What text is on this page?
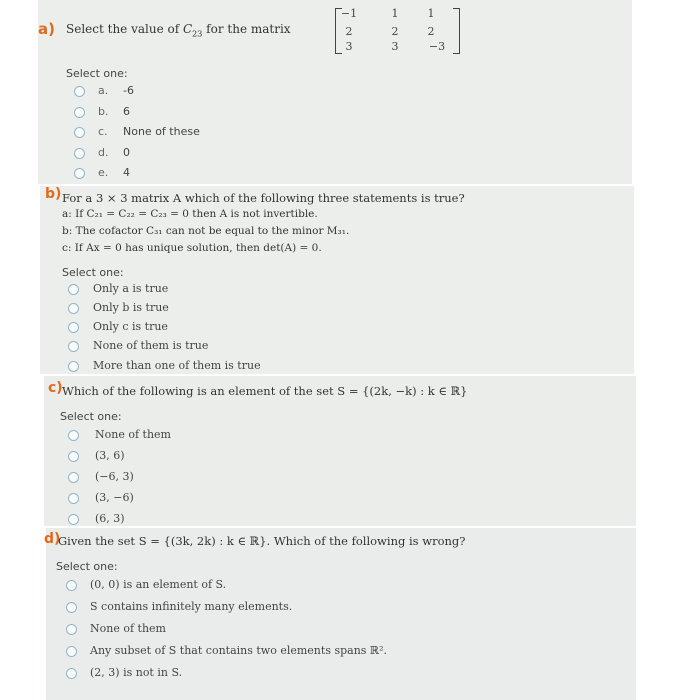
a) Select the value of $C_{23}$ for the matrix
−1
2
3
1
2
3
1
2
−3
Select one:
a. -6
b. 6
c. None of these
d. 0
e. 4
b) For a 3 × 3 matrix A which of the following three statements is true?
a: If C₂₁ = C₂₂ = C₂₃ = 0 then A is not invertible.
b: The cofactor C₃₁ can not be equal to the minor M₃₁.
c: If Ax = 0 has unique solution, then det(A) = 0.
Select one:
Only a is true
Only b is true
Only c is true
None of them is true
More than one of them is true
c) Which of the following is an element of the set S = {(2k, −k) : k ∈ ℝ}
Select one:
None of them
(3, 6)
(−6, 3)
(3, −6)
(6, 3)
d)
Given the set S = {(3k, 2k) : k ∈ ℝ}. Which of the following is wrong?
Select one:
(0, 0) is an element of S.
S contains infinitely many elements.
None of them
Any subset of S that contains two elements spans ℝ².
(2, 3) is not in S.
